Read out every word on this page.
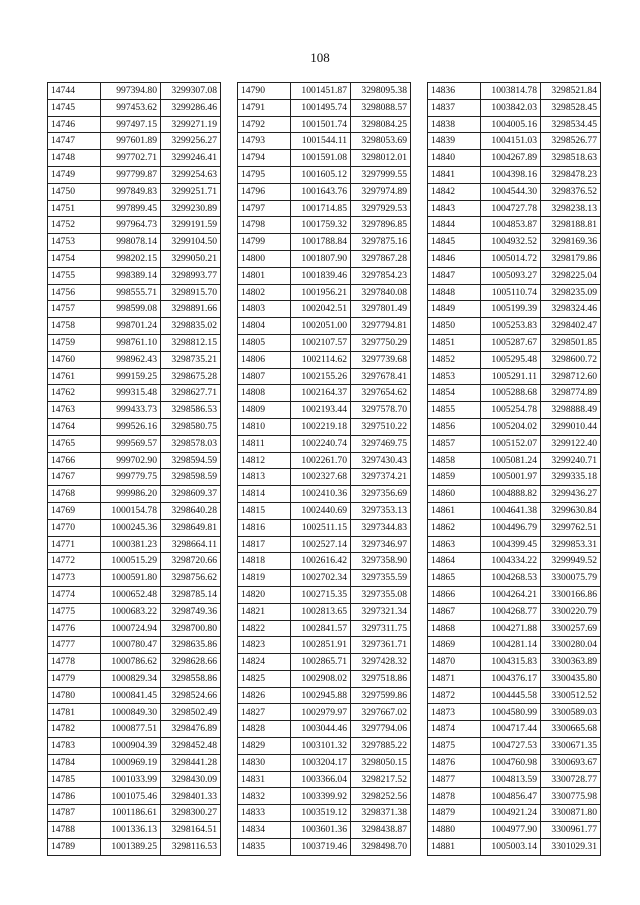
108
14744	997394.80	3299307.08
14745	997453.62	3299286.46
14746	997497.15	3299271.19
14747	997601.89	3299256.27
14748	997702.71	3299246.41
14749	997799.87	3299254.63
14750	997849.83	3299251.71
14751	997899.45	3299230.89
14752	997964.73	3299191.59
14753	998078.14	3299104.50
14754	998202.15	3299050.21
14755	998389.14	3298993.77
14756	998555.71	3298915.70
14757	998599.08	3298891.66
14758	998701.24	3298835.02
14759	998761.10	3298812.15
14760	998962.43	3298735.21
14761	999159.25	3298675.28
14762	999315.48	3298627.71
14763	999433.73	3298586.53
14764	999526.16	3298580.75
14765	999569.57	3298578.03
14766	999702.90	3298594.59
14767	999779.75	3298598.59
14768	999986.20	3298609.37
14769	1000154.78	3298640.28
14770	1000245.36	3298649.81
14771	1000381.23	3298664.11
14772	1000515.29	3298720.66
14773	1000591.80	3298756.62
14774	1000652.48	3298785.14
14775	1000683.22	3298749.36
14776	1000724.94	3298700.80
14777	1000780.47	3298635.86
14778	1000786.62	3298628.66
14779	1000829.34	3298558.86
14780	1000841.45	3298524.66
14781	1000849.30	3298502.49
14782	1000877.51	3298476.89
14783	1000904.39	3298452.48
14784	1000969.19	3298441.28
14785	1001033.99	3298430.09
14786	1001075.46	3298401.33
14787	1001186.61	3298300.27
14788	1001336.13	3298164.51
14789	1001389.25	3298116.53
14790	1001451.87	3298095.38
14791	1001495.74	3298088.57
14792	1001501.74	3298084.25
14793	1001544.11	3298053.69
14794	1001591.08	3298012.01
14795	1001605.12	3297999.55
14796	1001643.76	3297974.89
14797	1001714.85	3297929.53
14798	1001759.32	3297896.85
14799	1001788.84	3297875.16
14800	1001807.90	3297867.28
14801	1001839.46	3297854.23
14802	1001956.21	3297840.08
14803	1002042.51	3297801.49
14804	1002051.00	3297794.81
14805	1002107.57	3297750.29
14806	1002114.62	3297739.68
14807	1002155.26	3297678.41
14808	1002164.37	3297654.62
14809	1002193.44	3297578.70
14810	1002219.18	3297510.22
14811	1002240.74	3297469.75
14812	1002261.70	3297430.43
14813	1002327.68	3297374.21
14814	1002410.36	3297356.69
14815	1002440.69	3297353.13
14816	1002511.15	3297344.83
14817	1002527.14	3297346.97
14818	1002616.42	3297358.90
14819	1002702.34	3297355.59
14820	1002715.35	3297355.08
14821	1002813.65	3297321.34
14822	1002841.57	3297311.75
14823	1002851.91	3297361.71
14824	1002865.71	3297428.32
14825	1002908.02	3297518.86
14826	1002945.88	3297599.86
14827	1002979.97	3297667.02
14828	1003044.46	3297794.06
14829	1003101.32	3297885.22
14830	1003204.17	3298050.15
14831	1003366.04	3298217.52
14832	1003399.92	3298252.56
14833	1003519.12	3298371.38
14834	1003601.36	3298438.87
14835	1003719.46	3298498.70
14836	1003814.78	3298521.84
14837	1003842.03	3298528.45
14838	1004005.16	3298534.45
14839	1004151.03	3298526.77
14840	1004267.89	3298518.63
14841	1004398.16	3298478.23
14842	1004544.30	3298376.52
14843	1004727.78	3298238.13
14844	1004853.87	3298188.81
14845	1004932.52	3298169.36
14846	1005014.72	3298179.86
14847	1005093.27	3298225.04
14848	1005110.74	3298235.09
14849	1005199.39	3298324.46
14850	1005253.83	3298402.47
14851	1005287.67	3298501.85
14852	1005295.48	3298600.72
14853	1005291.11	3298712.60
14854	1005288.68	3298774.89
14855	1005254.78	3298888.49
14856	1005204.02	3299010.44
14857	1005152.07	3299122.40
14858	1005081.24	3299240.71
14859	1005001.97	3299335.18
14860	1004888.82	3299436.27
14861	1004641.38	3299630.84
14862	1004496.79	3299762.51
14863	1004399.45	3299853.31
14864	1004334.22	3299949.52
14865	1004268.53	3300075.79
14866	1004264.21	3300166.86
14867	1004268.77	3300220.79
14868	1004271.88	3300257.69
14869	1004281.14	3300280.04
14870	1004315.83	3300363.89
14871	1004376.17	3300435.80
14872	1004445.58	3300512.52
14873	1004580.99	3300589.03
14874	1004717.44	3300665.68
14875	1004727.53	3300671.35
14876	1004760.98	3300693.67
14877	1004813.59	3300728.77
14878	1004856.47	3300775.98
14879	1004921.24	3300871.80
14880	1004977.90	3300961.77
14881	1005003.14	3301029.31
